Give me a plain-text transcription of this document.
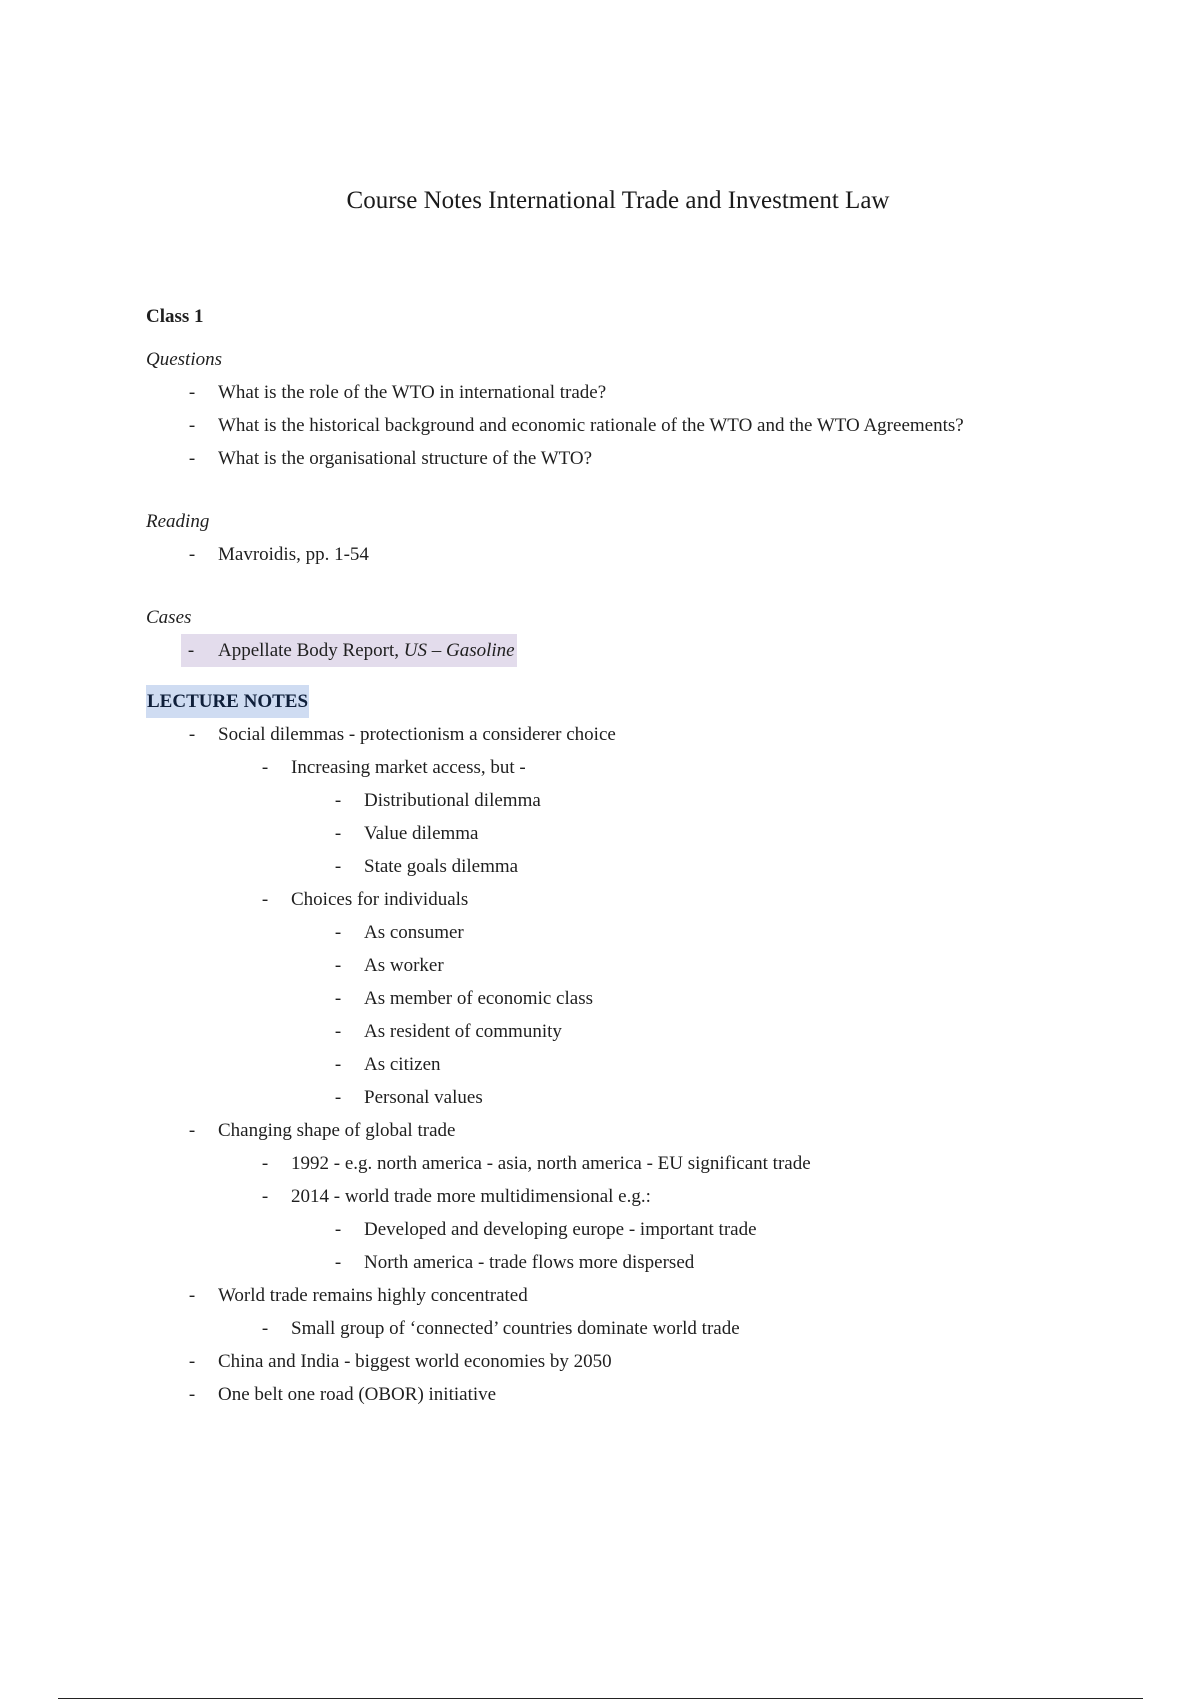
Course Notes International Trade and Investment Law
Class 1
Questions
-	What is the role of the WTO in international trade?
-	What is the historical background and economic rationale of the WTO and the WTO Agreements?
-	What is the organisational structure of the WTO?
Reading
-	Mavroidis, pp. 1-54
Cases
-	Appellate Body Report, US – Gasoline
LECTURE NOTES
-	Social dilemmas - protectionism a considerer choice
-	Increasing market access, but -
-	Distributional dilemma
-	Value dilemma
-	State goals dilemma
-	Choices for individuals
-	As consumer
-	As worker
-	As member of economic class
-	As resident of community
-	As citizen
-	Personal values
-	Changing shape of global trade
-	1992 - e.g. north america - asia, north america - EU significant trade
-	2014 - world trade more multidimensional e.g.:
-	Developed and developing europe - important trade
-	North america - trade flows more dispersed
-	World trade remains highly concentrated
-	Small group of ‘connected’ countries dominate world trade
-	China and India - biggest world economies by 2050
-	One belt one road (OBOR) initiative
